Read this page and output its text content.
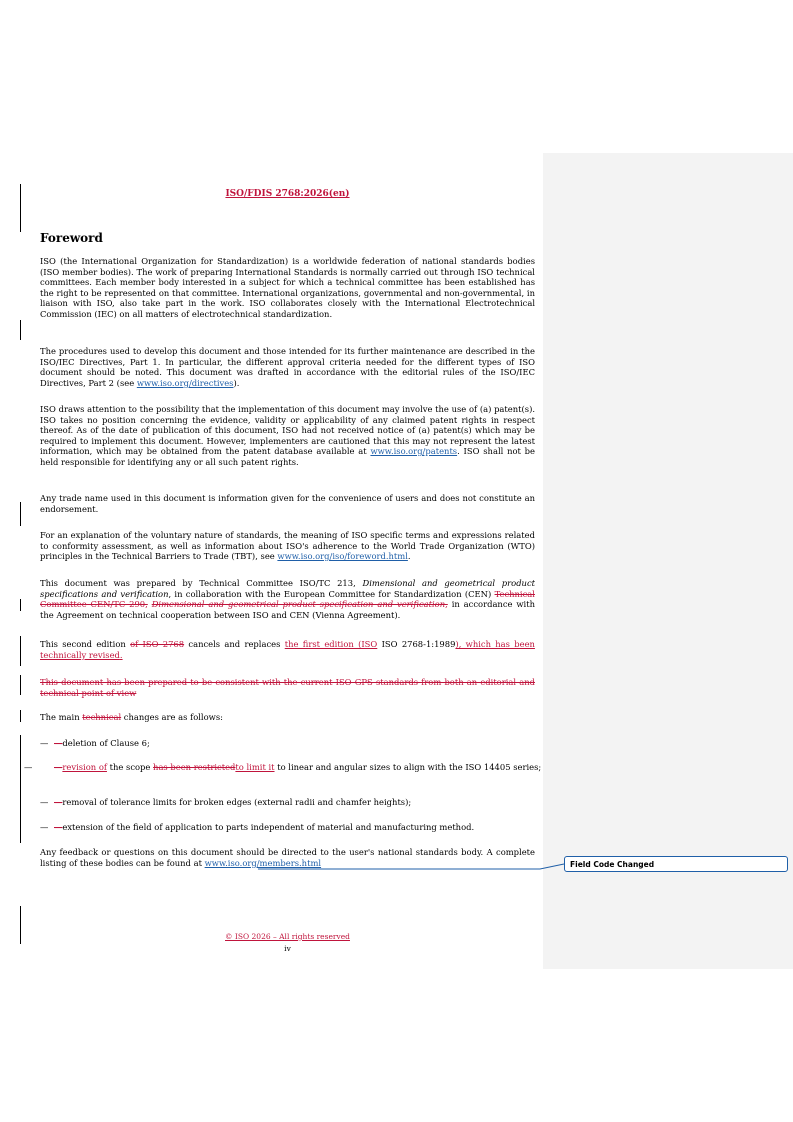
ISO/FDIS 2768:2026(en)
Foreword

ISO (the International Organization for Standardization) is a worldwide federation of national standards bodies (ISO member bodies). The work of preparing International Standards is normally carried out through ISO technical committees. Each member body interested in a subject for which a technical committee has been established has the right to be represented on that committee. International organizations, governmental and non-governmental, in liaison with ISO, also take part in the work. ISO collaborates closely with the International Electrotechnical Commission (IEC) on all matters of electrotechnical standardization.

The procedures used to develop this document and those intended for its further maintenance are described in the ISO/IEC Directives, Part 1. In particular, the different approval criteria needed for the different types of ISO document should be noted. This document was drafted in accordance with the editorial rules of the ISO/IEC Directives, Part 2 (see www.iso.org/directives).

ISO draws attention to the possibility that the implementation of this document may involve the use of (a) patent(s). ISO takes no position concerning the evidence, validity or applicability of any claimed patent rights in respect thereof. As of the date of publication of this document, ISO had not received notice of (a) patent(s) which may be required to implement this document. However, implementers are cautioned that this may not represent the latest information, which may be obtained from the patent database available at www.iso.org/patents. ISO shall not be held responsible for identifying any or all such patent rights.

Any trade name used in this document is information given for the convenience of users and does not constitute an endorsement.

For an explanation of the voluntary nature of standards, the meaning of ISO specific terms and expressions related to conformity assessment, as well as information about ISO's adherence to the World Trade Organization (WTO) principles in the Technical Barriers to Trade (TBT), see www.iso.org/iso/foreword.html.

This document was prepared by Technical Committee ISO/TC 213, Dimensional and geometrical product specifications and verification, in collaboration with the European Committee for Standardization (CEN) Technical Committee CEN/TC 290, Dimensional and geometrical product specification and verification, in accordance with the Agreement on technical cooperation between ISO and CEN (Vienna Agreement).

This second edition of ISO 2768 cancels and replaces the first edition (ISO ISO 2768-1:1989), which has been technically revised.

This document has been prepared to be consistent with the current ISO GPS standards from both an editorial and technical point of view

The main technical changes are as follows:

— —deletion of Clause 6;
—	—revision of the scope has been restrictedto limit it to linear and angular sizes to align with the ISO 14405 series;
— —removal of tolerance limits for broken edges (external radii and chamfer heights);
— —extension of the field of application to parts independent of material and manufacturing method.

Any feedback or questions on this document should be directed to the user's national standards body. A complete listing of these bodies can be found at www.iso.org/members.html

© ISO 2026 – All rights reserved
iv
Field Code Changed
